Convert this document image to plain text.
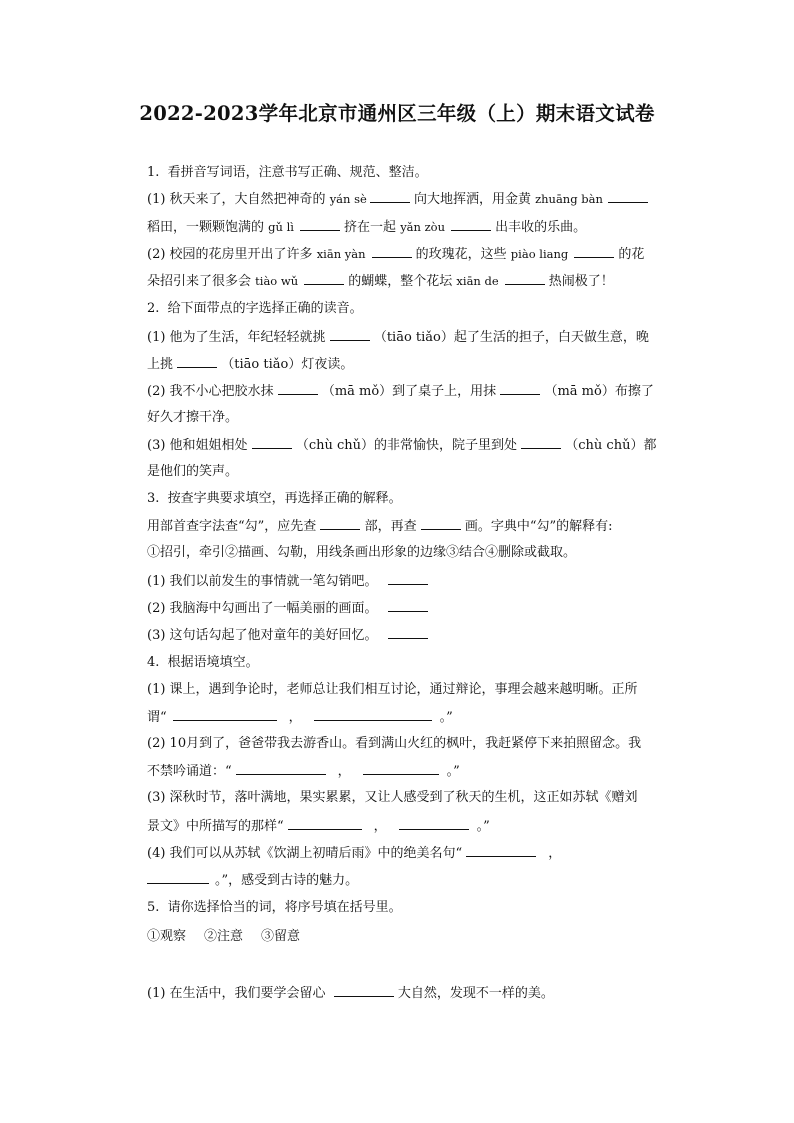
2022-2023学年北京市通州区三年级（上）期末语文试卷
1.  看拼音写词语，注意书写正确、规范、整洁。
(1) 秋天来了，大自然把神奇的 yán sè	向大地挥洒，用金黄 zhuāng bàn
稻田，一颗颗饱满的 gǔ lì	挤在一起 yǎn zòu	出丰收的乐曲。
(2) 校园的花房里开出了许多 xiān yàn	的玫瑰花，这些 piào liang	的花
朵招引来了很多会 tiào wǔ	的蝴蝶，整个花坛 xiān de	热闹极了！
2.  给下面带点的字选择正确的读音。
(1) 他为了生活，年纪轻轻就挑	（tiāo tiǎo）起了生活的担子，白天做生意，晚
上挑	（tiāo tiǎo）灯夜读。
(2) 我不小心把胶水抹	（mā mǒ）到了桌子上，用抹	（mā mǒ）布擦了
好久才擦干净。
(3) 他和姐姐相处	（chù chǔ）的非常愉快，院子里到处	（chù chǔ）都
是他们的笑声。
3.  按查字典要求填空，再选择正确的解释。
用部首查字法查“勾”，应先查	部，再查	画。字典中“勾”的解释有:
①招引，牵引②描画、勾勒，用线条画出形象的边缘③结合④删除或截取。
(1) 我们以前发生的事情就一笔勾销吧。
(2) 我脑海中勾画出了一幅美丽的画面。
(3) 这句话勾起了他对童年的美好回忆。
4.  根据语境填空。
(1) 课上，遇到争论时，老师总让我们相互讨论，通过辩论，事理会越来越明晰。正所
谓“	，	。”
(2) 10月到了，爸爸带我去游香山。看到满山火红的枫叶，我赶紧停下来拍照留念。我
不禁吟诵道：“	，	。”
(3) 深秋时节，落叶满地，果实累累，又让人感受到了秋天的生机，这正如苏轼《赠刘
景文》中所描写的那样“	，	。”
(4) 我们可以从苏轼《饮湖上初晴后雨》中的绝美名句“	，
。”，感受到古诗的魅力。
5.  请你选择恰当的词，将序号填在括号里。
①观察 ②注意 ③留意
(1) 在生活中，我们要学会留心	大自然，发现不一样的美。
